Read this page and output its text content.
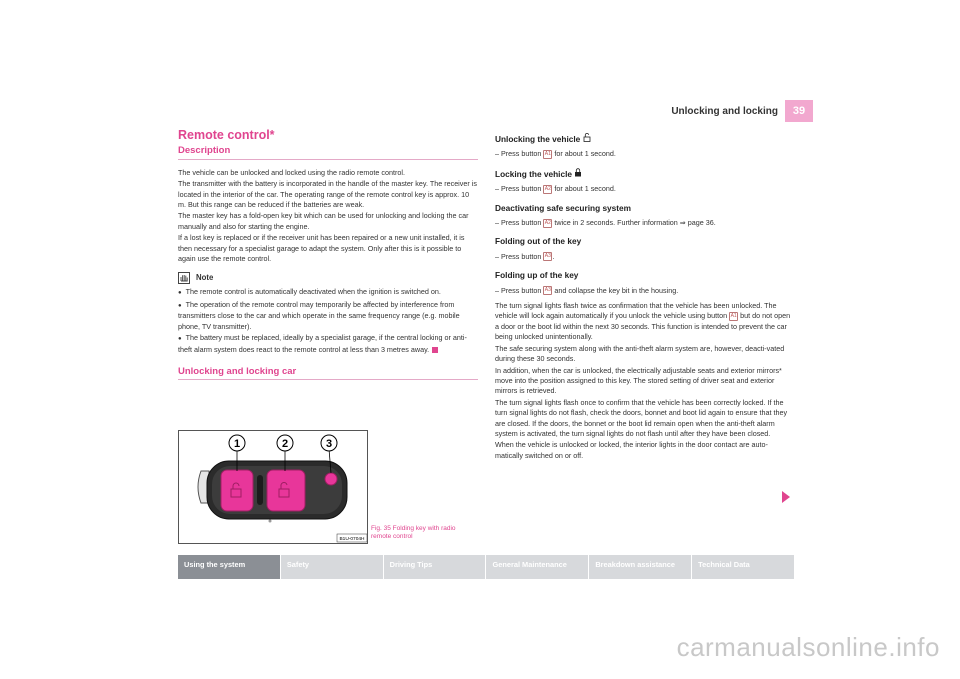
Unlocking and locking	39
Remote control*
Description

The vehicle can be unlocked and locked using the radio remote control.

The transmitter with the battery is incorporated in the handle of the master key. The receiver is located in the interior of the car. The operating range of the remote control key is approx. 10 m. But this range can be reduced if the batteries are weak.

The master key has a fold-open key bit which can be used for unlocking and locking the car manually and also for starting the engine.

If a lost key is replaced or if the receiver unit has been repaired or a new unit installed, it is then necessary for a specialist garage to adapt the system. Only after this is it possible to again use the remote control.

Note
● The remote control is automatically deactivated when the ignition is switched on.
● The operation of the remote control may temporarily be affected by interference from transmitters close to the car and which operate in the same frequency range (e.g. mobile phone, TV transmitter).
● The battery must be replaced, ideally by a specialist garage, if the central locking or anti-theft alarm system does react to the remote control at less than 3 metres away.
Unlocking and locking car
1	2	3
B1U-0704H
Fig. 35 Folding key with radio
remote control
Unlocking the vehicle

– Press button A1 for about 1 second.

Locking the vehicle

– Press button A2 for about 1 second.

Deactivating safe securing system

– Press button A2 twice in 2 seconds. Further information ⇒ page 36.

Folding out of the key

– Press button A3.

Folding up of the key

– Press button A3 and collapse the key bit in the housing.

The turn signal lights flash twice as confirmation that the vehicle has been unlocked. The vehicle will lock again automatically if you unlock the vehicle using button A1 but do not open a door or the boot lid within the next 30 seconds. This function is intended to prevent the car being unlocked unintentionally.

The safe securing system along with the anti-theft alarm system are, however, deacti-vated during these 30 seconds.

In addition, when the car is unlocked, the electrically adjustable seats and exterior mirrors* move into the position assigned to this key. The stored setting of driver seat and exterior mirrors is retrieved.

The turn signal lights flash once to confirm that the vehicle has been correctly locked. If the turn signal lights do not flash, check the doors, bonnet and boot lid again to ensure that they are closed. If the doors, the bonnet or the boot lid remain open when the anti-theft alarm system is activated, the turn signal lights do not flash until after they have been closed.

When the vehicle is unlocked or locked, the interior lights in the door contact are auto-matically switched on or off.

Using the system	Safety	Driving Tips	General Maintenance	Breakdown assistance	Technical Data
carmanualsonline.info
